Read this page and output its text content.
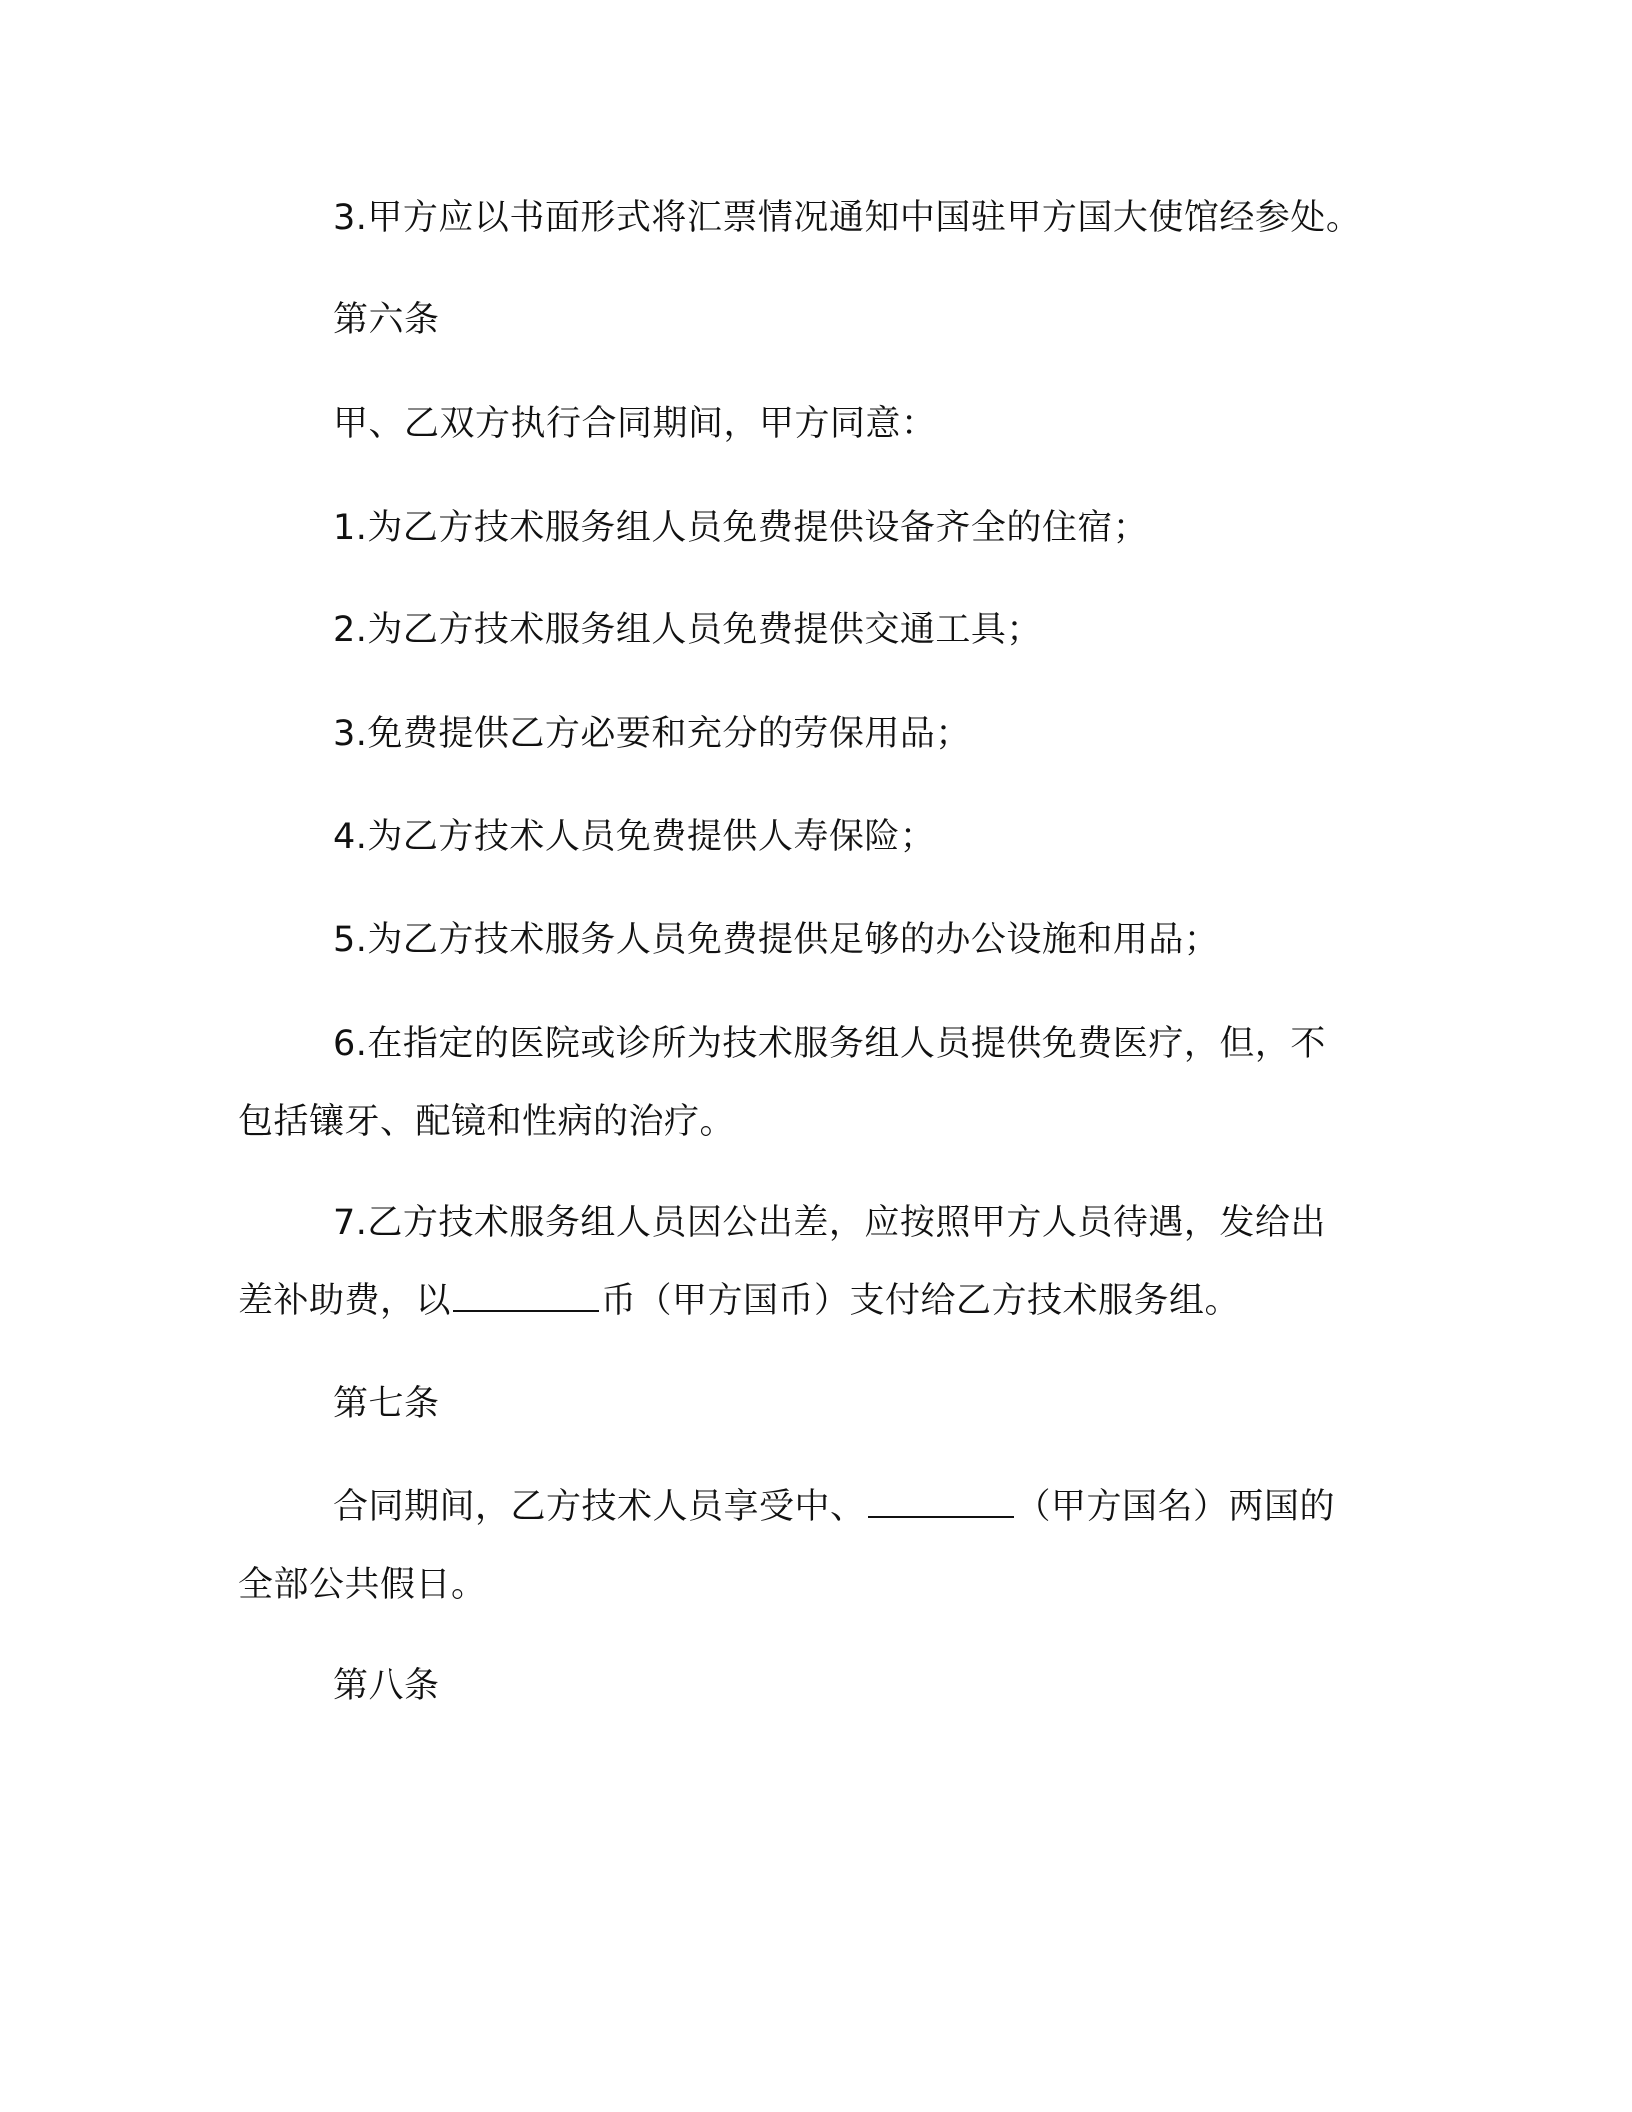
3.甲方应以书面形式将汇票情况通知中国驻甲方国大使馆经参处。
第六条
甲、乙双方执行合同期间，甲方同意：
1.为乙方技术服务组人员免费提供设备齐全的住宿；
2.为乙方技术服务组人员免费提供交通工具；
3.免费提供乙方必要和充分的劳保用品；
4.为乙方技术人员免费提供人寿保险；
5.为乙方技术服务人员免费提供足够的办公设施和用品；
6.在指定的医院或诊所为技术服务组人员提供免费医疗，但，不
包括镶牙、配镜和性病的治疗。
7.乙方技术服务组人员因公出差，应按照甲方人员待遇，发给出
差补助费，以	币（甲方国币）支付给乙方技术服务组。
第七条
合同期间，乙方技术人员享受中、	（甲方国名）两国的
全部公共假日。
第八条
